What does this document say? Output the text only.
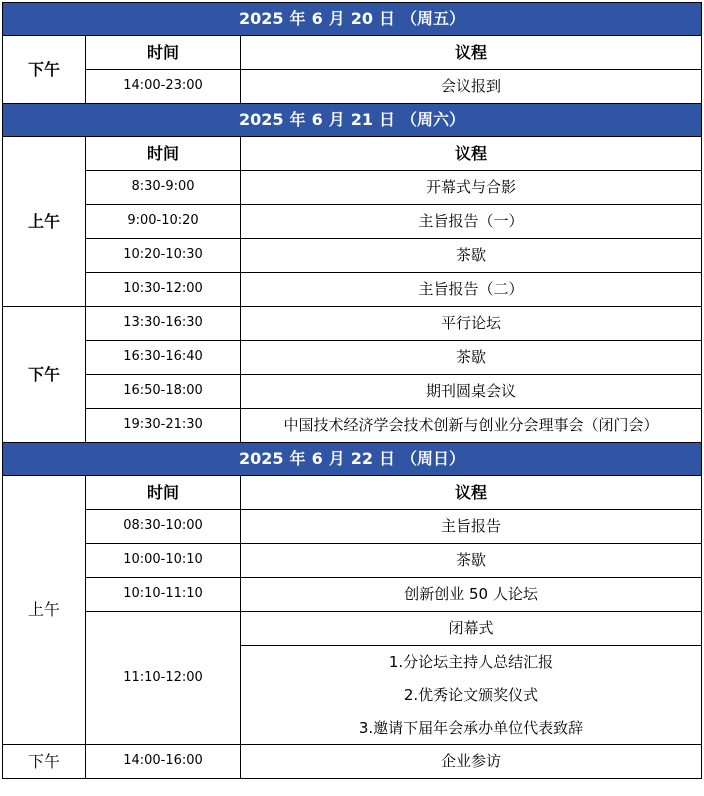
2025 年 6 月 20 日 （周五）		
下午	时间	议程
	14:00-23:00	会议报到
2025 年 6 月 21 日 （周六）		
上午	时间	议程
	8:30-9:00	开幕式与合影
	9:00-10:20	主旨报告（一）
	10:20-10:30	茶歇
	10:30-12:00	主旨报告（二）
下午	13:30-16:30	平行论坛
	16:30-16:40	茶歇
	16:50-18:00	期刊圆桌会议
	19:30-21:30	中国技术经济学会技术创新与创业分会理事会（闭门会）
2025 年 6 月 22 日 （周日）		
上午	时间	议程
	08:30-10:00	主旨报告
	10:00-10:10	茶歇
	10:10-11:10	创新创业 50 人论坛
	11:10-12:00	闭幕式
		1.分论坛主持人总结汇报
		2.优秀论文颁奖仪式
		3.邀请下届年会承办单位代表致辞
下午	14:00-16:00	企业参访
